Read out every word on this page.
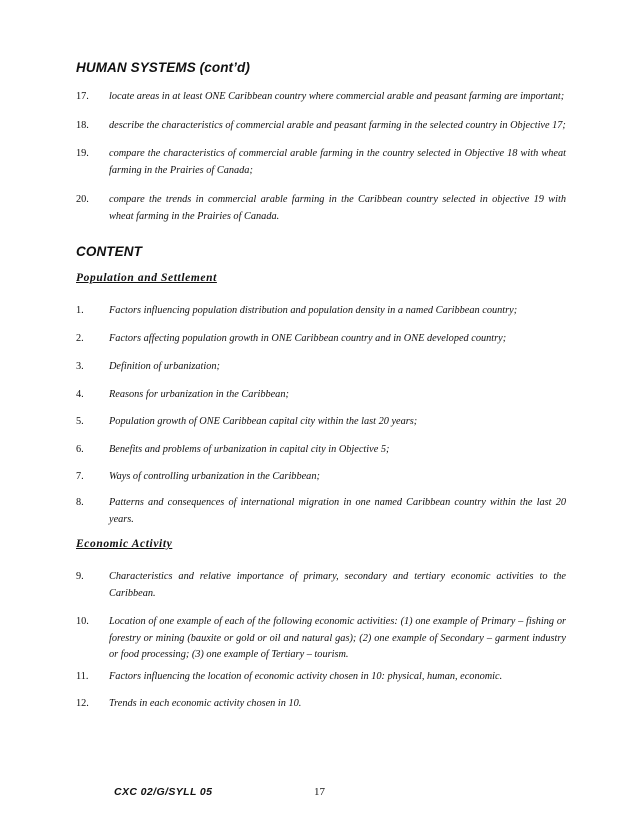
HUMAN SYSTEMS (cont’d)
17.	locate areas in at least ONE Caribbean country where commercial arable and peasant farming are important;
18.	describe the characteristics of commercial arable and peasant farming in the selected country in Objective 17;
19.	compare the characteristics of commercial arable farming in the country selected in Objective 18 with wheat farming in the Prairies of Canada;
20.	compare the trends in commercial arable farming in the Caribbean country selected in objective 19 with wheat farming in the Prairies of Canada.
CONTENT
Population and Settlement
1.	Factors influencing population distribution and population density in a named Caribbean country;
2.	Factors affecting population growth in ONE Caribbean country and in ONE developed country;
3.	Definition of urbanization;
4.	Reasons for urbanization in the Caribbean;
5.	Population growth of ONE Caribbean capital city within the last 20 years;
6.	Benefits and problems of urbanization in capital city in Objective 5;
7.	Ways of controlling urbanization in the Caribbean;
8.	Patterns and consequences of international migration in one named Caribbean country within the last 20 years.
Economic Activity
9.	Characteristics and relative importance of primary, secondary and tertiary economic activities to the Caribbean.
10.	Location of one example of each of the following economic activities: (1) one example of Primary – fishing or forestry or mining (bauxite or gold or oil and natural gas); (2) one example of Secondary – garment industry or food processing; (3) one example of Tertiary – tourism.
11.	Factors influencing the location of economic activity chosen in 10: physical, human, economic.
12.	Trends in each economic activity chosen in 10.
CXC 02/G/SYLL 05	17
